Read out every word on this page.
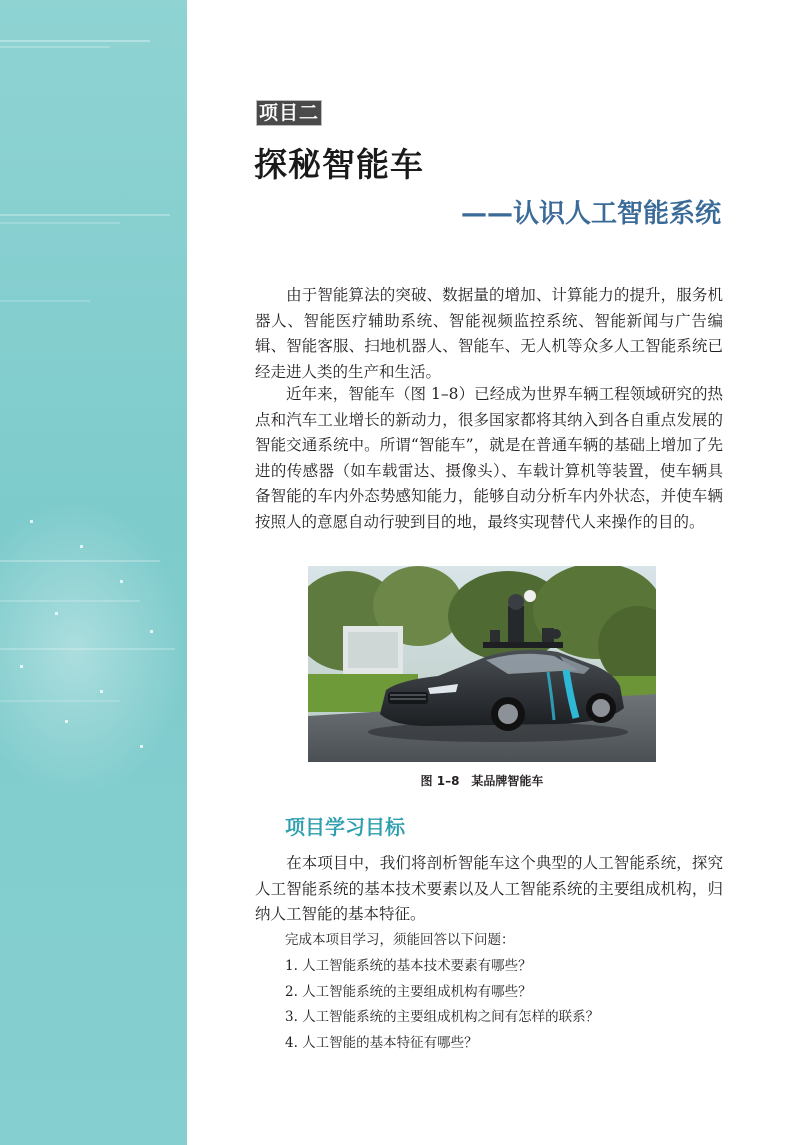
项目二
探秘智能车
——认识人工智能系统

由于智能算法的突破、数据量的增加、计算能力的提升，服务机器人、智能医疗辅助系统、智能视频监控系统、智能新闻与广告编辑、智能客服、扫地机器人、智能车、无人机等众多人工智能系统已经走进人类的生产和生活。

近年来，智能车（图 1–8）已经成为世界车辆工程领域研究的热点和汽车工业增长的新动力，很多国家都将其纳入到各自重点发展的智能交通系统中。所谓“智能车”，就是在普通车辆的基础上增加了先进的传感器（如车载雷达、摄像头）、车载计算机等装置，使车辆具备智能的车内外态势感知能力，能够自动分析车内外状态，并使车辆按照人的意愿自动行驶到目的地，最终实现替代人来操作的目的。

图 1–8　某品牌智能车
项目学习目标

在本项目中，我们将剖析智能车这个典型的人工智能系统，探究人工智能系统的基本技术要素以及人工智能系统的主要组成机构，归纳人工智能的基本特征。

完成本项目学习，须能回答以下问题：
1. 人工智能系统的基本技术要素有哪些？
2. 人工智能系统的主要组成机构有哪些？
3. 人工智能系统的主要组成机构之间有怎样的联系？
4. 人工智能的基本特征有哪些？
